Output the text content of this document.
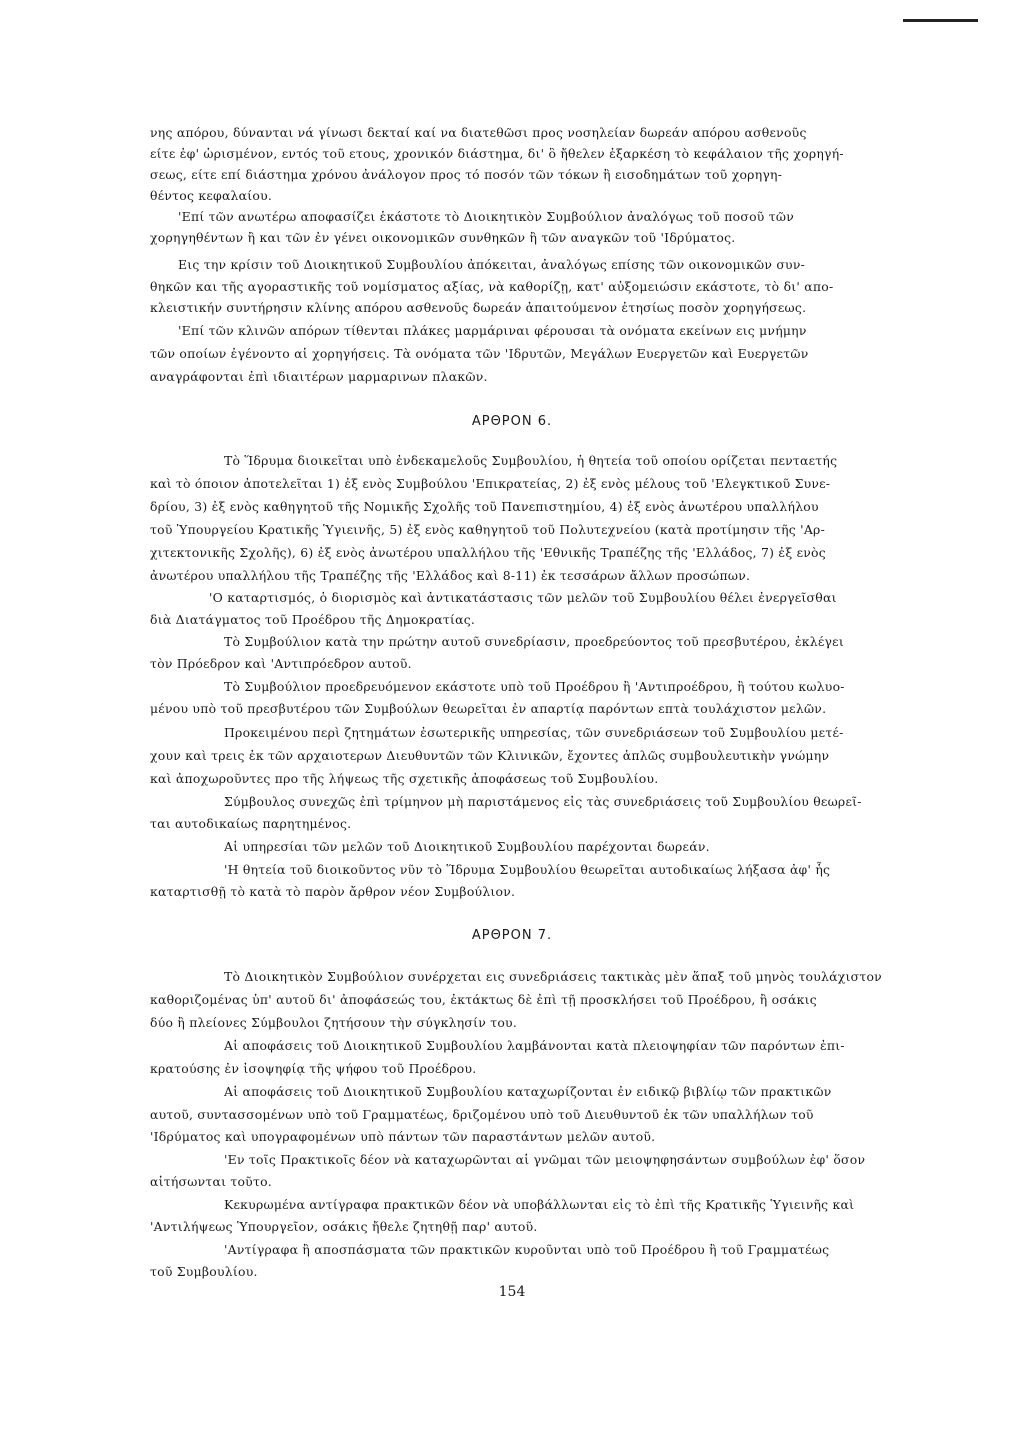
νης απόρου, δύνανται νά γίνωσι δεκταί καί να διατεθῶσι προς νοσηλείαν δωρεάν απόρου ασθενοῦς

είτε ἐφ' ὡρισμένον, εντός τοῦ ετους, χρονικόν διάστημα, δι' ὃ ἤθελεν ἐξαρκέση τὸ κεφάλαιον τῆς χορηγή-

σεως, είτε επί διάστημα χρόνου ἀνάλογον προς τό ποσόν τῶν τόκων ἢ εισοδημάτων τοῦ χορηγη-

θέντος κεφαλαίου.

'Επί τῶν ανωτέρω αποφασίζει ἑκάστοτε τὸ Διοικητικὸν Συμβούλιον ἀναλόγως τοῦ ποσοῦ τῶν

χορηγηθέντων ἢ και τῶν ἐν γένει οικονομικῶν συνθηκῶν ἢ τῶν αναγκῶν τοῦ 'Ιδρύματος.

Εις την κρίσιν τοῦ Διοικητικοῦ Συμβουλίου ἀπόκειται, ἀναλόγως επίσης τῶν οικονομικῶν συν-

θηκῶν και τῆς αγοραστικῆς τοῦ νομίσματος αξίας, νὰ καθορίζῃ, κατ' αὐξομειώσιν εκάστοτε, τὸ δι' απο-

κλειστικήν συντήρησιν κλίνης απόρου ασθενοῦς δωρεάν ἀπαιτούμενον ἐτησίως ποσὸν χορηγήσεως.

'Επί τῶν κλινῶν απόρων τίθενται πλάκες μαρμάριναι φέρουσαι τὰ ονόματα εκείνων εις μνήμην

τῶν οποίων ἐγένοντο αἱ χορηγήσεις. Τὰ ονόματα τῶν 'Ιδρυτῶν, Μεγάλων Ευεργετῶν καὶ Ευεργετῶν

αναγράφονται ἐπὶ ιδιαιτέρων μαρμαρινων πλακῶν.

ΑΡΘΡΟΝ 6.

Τὸ Ἵδρυμα διοικεῖται υπὸ ἐνδεκαμελοῦς Συμβουλίου, ἡ θητεία τοῦ οποίου ορίζεται πενταετής

καὶ τὸ όποιον ἀποτελεῖται 1) ἐξ ενὸς Συμβούλου 'Επικρατείας, 2) ἐξ ενὸς μέλους τοῦ 'Ελεγκτικοῦ Συνε-

δρίου, 3) ἐξ ενὸς καθηγητοῦ τῆς Νομικῆς Σχολῆς τοῦ Πανεπιστημίου, 4) ἐξ ενὸς ἀνωτέρου υπαλλήλου

τοῦ Ὑπουργείου Κρατικῆς Ὑγιεινῆς, 5) ἐξ ενὸς καθηγητοῦ τοῦ Πολυτεχνείου (κατὰ προτίμησιν τῆς 'Αρ-

χιτεκτονικῆς Σχολῆς), 6) ἐξ ενὸς ἀνωτέρου υπαλλήλου τῆς 'Εθνικῆς Τραπέζης τῆς 'Ελλάδος, 7) ἐξ ενὸς

ἀνωτέρου υπαλλήλου τῆς Τραπέζης τῆς 'Ελλάδος καὶ 8-11) ἐκ τεσσάρων ἄλλων προσώπων.

'Ο καταρτισμός, ὁ διορισμὸς καὶ ἀντικατάστασις τῶν μελῶν τοῦ Συμβουλίου θέλει ἐνεργεῖσθαι

διὰ Διατάγματος τοῦ Προέδρου τῆς Δημοκρατίας.

Τὸ Συμβούλιον κατὰ την πρώτην αυτοῦ συνεδρίασιν, προεδρεύοντος τοῦ πρεσβυτέρου, ἐκλέγει

τὸν Πρόεδρον καὶ 'Αντιπρόεδρον αυτοῦ.

Τὸ Συμβούλιον προεδρευόμενον εκάστοτε υπὸ τοῦ Προέδρου ἢ 'Αντιπροέδρου, ἢ τούτου κωλυο-

μένου υπὸ τοῦ πρεσβυτέρου τῶν Συμβούλων θεωρεῖται ἐν απαρτίᾳ παρόντων επτὰ τουλάχιστον μελῶν.

Προκειμένου περὶ ζητημάτων ἐσωτερικῆς υπηρεσίας, τῶν συνεδριάσεων τοῦ Συμβουλίου μετέ-

χουν καὶ τρεις ἐκ τῶν αρχαιοτερων Διευθυντῶν τῶν Κλινικῶν, ἔχοντες ἁπλῶς συμβουλευτικὴν γνώμην

καὶ ἀποχωροῦντες προ τῆς λήψεως τῆς σχετικῆς ἀποφάσεως τοῦ Συμβουλίου.

Σύμβουλος συνεχῶς ἐπὶ τρίμηνον μὴ παριστάμενος εἰς τὰς συνεδριάσεις τοῦ Συμβουλίου θεωρεῖ-

ται αυτοδικαίως παρητημένος.

Αἱ υπηρεσίαι τῶν μελῶν τοῦ Διοικητικοῦ Συμβουλίου παρέχονται δωρεάν.

'Η θητεία τοῦ διοικοῦντος νῦν τὸ Ἵδρυμα Συμβουλίου θεωρεῖται αυτοδικαίως λήξασα ἀφ' ἧς

καταρτισθῇ τὸ κατὰ τὸ παρὸν ἄρθρον νέον Συμβούλιον.

ΑΡΘΡΟΝ 7.

Τὸ Διοικητικὸν Συμβούλιον συνέρχεται εις συνεδριάσεις τακτικὰς μὲν ἅπαξ τοῦ μηνὸς τουλάχιστον

καθοριζομένας ὑπ' αυτοῦ δι' ἀποφάσεώς του, ἐκτάκτως δὲ ἐπὶ τῇ προσκλήσει τοῦ Προέδρου, ἢ οσάκις

δύο ἢ πλείονες Σύμβουλοι ζητήσουν τὴν σύγκλησίν του.

Αἱ αποφάσεις τοῦ Διοικητικοῦ Συμβουλίου λαμβάνονται κατὰ πλειοψηφίαν τῶν παρόντων ἐπι-

κρατούσης ἐν ἰσοψηφίᾳ τῆς ψήφου τοῦ Προέδρου.

Αἱ αποφάσεις τοῦ Διοικητικοῦ Συμβουλίου καταχωρίζονται ἐν ειδικῷ βιβλίῳ τῶν πρακτικῶν

αυτοῦ, συντασσομένων υπὸ τοῦ Γραμματέως, δριζομένου υπὸ τοῦ Διευθυντοῦ ἐκ τῶν υπαλλήλων τοῦ

'Ιδρύματος καὶ υπογραφομένων υπὸ πάντων τῶν παραστάντων μελῶν αυτοῦ.

'Εν τοῖς Πρακτικοῖς δέον νὰ καταχωρῶνται αἱ γνῶμαι τῶν μειοψηφησάντων συμβούλων ἐφ' ὅσον

αἰτήσωνται τοῦτο.

Κεκυρωμένα αντίγραφα πρακτικῶν δέον νὰ υποβάλλωνται εἰς τὸ ἐπὶ τῆς Κρατικῆς Ὑγιεινῆς καὶ

'Αντιλήψεως Ὑπουργεῖον, οσάκις ἤθελε ζητηθῇ παρ' αυτοῦ.

'Αντίγραφα ἢ αποσπάσματα τῶν πρακτικῶν κυροῦνται υπὸ τοῦ Προέδρου ἢ τοῦ Γραμματέως

τοῦ Συμβουλίου.

154
